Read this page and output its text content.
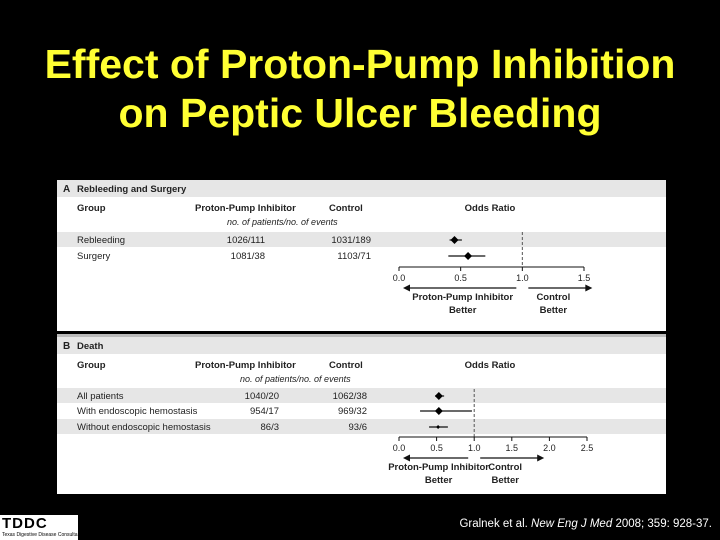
Effect of Proton-Pump Inhibition
on Peptic Ulcer Bleeding
A Rebleeding and Surgery
Group	Proton-Pump Inhibitor	Control	Odds Ratio
no. of patients/no. of events
Rebleeding	1026/111	1031/189
Surgery	1081/38	1103/71
0.0	0.5	1.0	1.5
Proton-Pump Inhibitor
Better
Control
Better
B Death
Group	Proton-Pump Inhibitor	Control	Odds Ratio
no. of patients/no. of events
All patients	1040/20	1062/38
With endoscopic hemostasis	954/17	969/32
Without endoscopic hemostasis	86/3	93/6
0.0	0.5	1.0	1.5	2.0	2.5
Proton-Pump Inhibitor
Better
Control
Better
TDDC
Texas Digestive Disease Consultants
Gralnek et al. New Eng J Med 2008; 359: 928-37.
